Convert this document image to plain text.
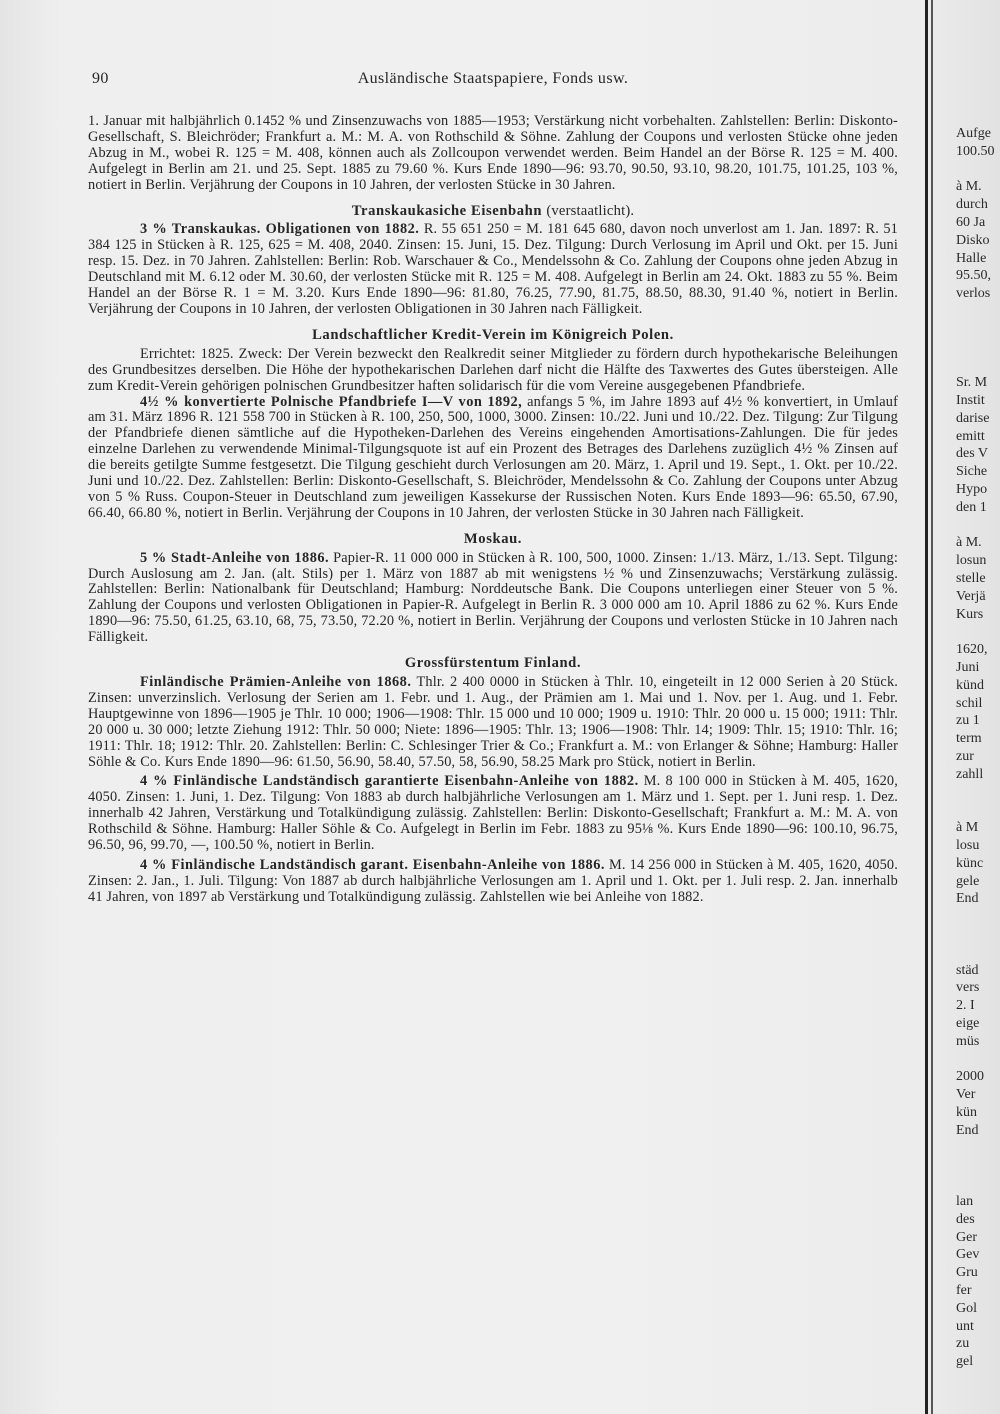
90	Ausländische Staatspapiere, Fonds usw.

1. Januar mit halbjährlich 0.1452 % und Zinsenzuwachs von 1885—1953; Verstärkung nicht vorbehalten. Zahlstellen: Berlin: Diskonto-Gesellschaft, S. Bleichröder; Frankfurt a. M.: M. A. von Rothschild & Söhne. Zahlung der Coupons und verlosten Stücke ohne jeden Abzug in M., wobei R. 125 = M. 408, können auch als Zollcoupon verwendet werden. Beim Handel an der Börse R. 125 = M. 400. Aufgelegt in Berlin am 21. und 25. Sept. 1885 zu 79.60 %. Kurs Ende 1890—96: 93.70, 90.50, 93.10, 98.20, 101.75, 101.25, 103 %, notiert in Berlin. Verjährung der Coupons in 10 Jahren, der verlosten Stücke in 30 Jahren.

Transkaukasiche Eisenbahn (verstaatlicht).

3 % Transkaukas. Obligationen von 1882. R. 55 651 250 = M. 181 645 680, davon noch unverlost am 1. Jan. 1897: R. 51 384 125 in Stücken à R. 125, 625 = M. 408, 2040. Zinsen: 15. Juni, 15. Dez. Tilgung: Durch Verlosung im April und Okt. per 15. Juni resp. 15. Dez. in 70 Jahren. Zahlstellen: Berlin: Rob. Warschauer & Co., Mendelssohn & Co. Zahlung der Coupons ohne jeden Abzug in Deutschland mit M. 6.12 oder M. 30.60, der verlosten Stücke mit R. 125 = M. 408. Aufgelegt in Berlin am 24. Okt. 1883 zu 55 %. Beim Handel an der Börse R. 1 = M. 3.20. Kurs Ende 1890—96: 81.80, 76.25, 77.90, 81.75, 88.50, 88.30, 91.40 %, notiert in Berlin. Verjährung der Coupons in 10 Jahren, der verlosten Obligationen in 30 Jahren nach Fälligkeit.

Landschaftlicher Kredit-Verein im Königreich Polen.

Errichtet: 1825. Zweck: Der Verein bezweckt den Realkredit seiner Mitglieder zu fördern durch hypothekarische Beleihungen des Grundbesitzes derselben. Die Höhe der hypothekarischen Darlehen darf nicht die Hälfte des Taxwertes des Gutes übersteigen. Alle zum Kredit-Verein gehörigen polnischen Grundbesitzer haften solidarisch für die vom Vereine ausgegebenen Pfandbriefe.

4½ % konvertierte Polnische Pfandbriefe I—V von 1892, anfangs 5 %, im Jahre 1893 auf 4½ % konvertiert, in Umlauf am 31. März 1896 R. 121 558 700 in Stücken à R. 100, 250, 500, 1000, 3000. Zinsen: 10./22. Juni und 10./22. Dez. Tilgung: Zur Tilgung der Pfandbriefe dienen sämtliche auf die Hypotheken-Darlehen des Vereins eingehenden Amortisations-Zahlungen. Die für jedes einzelne Darlehen zu verwendende Minimal-Tilgungsquote ist auf ein Prozent des Betrages des Darlehens zuzüglich 4½ % Zinsen auf die bereits getilgte Summe festgesetzt. Die Tilgung geschieht durch Verlosungen am 20. März, 1. April und 19. Sept., 1. Okt. per 10./22. Juni und 10./22. Dez. Zahlstellen: Berlin: Diskonto-Gesellschaft, S. Bleichröder, Mendelssohn & Co. Zahlung der Coupons unter Abzug von 5 % Russ. Coupon-Steuer in Deutschland zum jeweiligen Kassekurse der Russischen Noten. Kurs Ende 1893—96: 65.50, 67.90, 66.40, 66.80 %, notiert in Berlin. Verjährung der Coupons in 10 Jahren, der verlosten Stücke in 30 Jahren nach Fälligkeit.

Moskau.

5 % Stadt-Anleihe von 1886. Papier-R. 11 000 000 in Stücken à R. 100, 500, 1000. Zinsen: 1./13. März, 1./13. Sept. Tilgung: Durch Auslosung am 2. Jan. (alt. Stils) per 1. März von 1887 ab mit wenigstens ½ % und Zinsenzuwachs; Verstärkung zulässig. Zahlstellen: Berlin: Nationalbank für Deutschland; Hamburg: Norddeutsche Bank. Die Coupons unterliegen einer Steuer von 5 %. Zahlung der Coupons und verlosten Obligationen in Papier-R. Aufgelegt in Berlin R. 3 000 000 am 10. April 1886 zu 62 %. Kurs Ende 1890—96: 75.50, 61.25, 63.10, 68, 75, 73.50, 72.20 %, notiert in Berlin. Verjährung der Coupons und verlosten Stücke in 10 Jahren nach Fälligkeit.

Grossfürstentum Finland.

Finländische Prämien-Anleihe von 1868. Thlr. 2 400 0000 in Stücken à Thlr. 10, eingeteilt in 12 000 Serien à 20 Stück. Zinsen: unverzinslich. Verlosung der Serien am 1. Febr. und 1. Aug., der Prämien am 1. Mai und 1. Nov. per 1. Aug. und 1. Febr. Hauptgewinne von 1896—1905 je Thlr. 10 000; 1906—1908: Thlr. 15 000 und 10 000; 1909 u. 1910: Thlr. 20 000 u. 15 000; 1911: Thlr. 20 000 u. 30 000; letzte Ziehung 1912: Thlr. 50 000; Niete: 1896—1905: Thlr. 13; 1906—1908: Thlr. 14; 1909: Thlr. 15; 1910: Thlr. 16; 1911: Thlr. 18; 1912: Thlr. 20. Zahlstellen: Berlin: C. Schlesinger Trier & Co.; Frankfurt a. M.: von Erlanger & Söhne; Hamburg: Haller Söhle & Co. Kurs Ende 1890—96: 61.50, 56.90, 58.40, 57.50, 58, 56.90, 58.25 Mark pro Stück, notiert in Berlin.

4 % Finländische Landständisch garantierte Eisenbahn-Anleihe von 1882. M. 8 100 000 in Stücken à M. 405, 1620, 4050. Zinsen: 1. Juni, 1. Dez. Tilgung: Von 1883 ab durch halbjährliche Verlosungen am 1. März und 1. Sept. per 1. Juni resp. 1. Dez. innerhalb 42 Jahren, Verstärkung und Totalkündigung zulässig. Zahlstellen: Berlin: Diskonto-Gesellschaft; Frankfurt a. M.: M. A. von Rothschild & Söhne. Hamburg: Haller Söhle & Co. Aufgelegt in Berlin im Febr. 1883 zu 95⅛ %. Kurs Ende 1890—96: 100.10, 96.75, 96.50, 96, 99.70, —, 100.50 %, notiert in Berlin.

4 % Finländische Landständisch garant. Eisenbahn-Anleihe von 1886. M. 14 256 000 in Stücken à M. 405, 1620, 4050. Zinsen: 2. Jan., 1. Juli. Tilgung: Von 1887 ab durch halbjährliche Verlosungen am 1. April und 1. Okt. per 1. Juli resp. 2. Jan. innerhalb 41 Jahren, von 1897 ab Verstärkung und Totalkündigung zulässig. Zahlstellen wie bei Anleihe von 1882.

Aufge
100.50
à M.
durch
60 Ja
Disko
Halle
95.50,
verlos
Sr. M
Instit
darise
emitt
des V
Siche
Hypo
den 1
à M.
losun
stelle
Verjä
Kurs
1620,
Juni
künd
schil
zu 1
term
zur
zahll
à M
losu
künc
gele
End
städ
vers
2. I
eige
müs
2000
Ver
kün
End
lan
des
Ger
Gev
Gru
fer
Gol
unt
zu
gel
